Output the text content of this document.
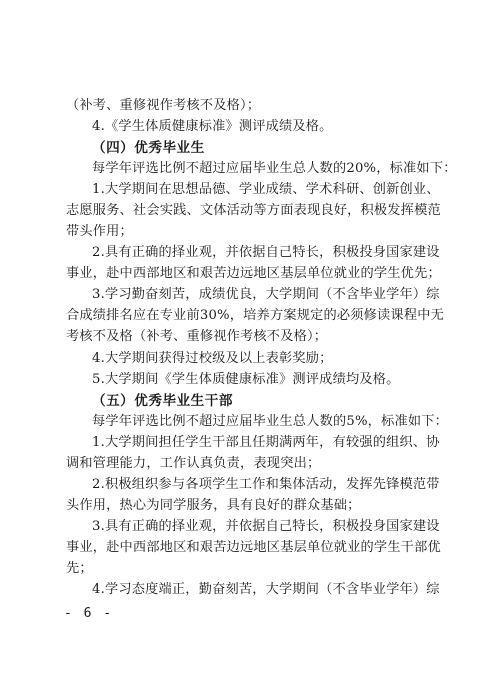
（补考、重修视作考核不及格）；
4.《学生体质健康标准》测评成绩及格。
（四）优秀毕业生
每学年评选比例不超过应届毕业生总人数的20%，标准如下：
1.大学期间在思想品德、学业成绩、学术科研、创新创业、
志愿服务、社会实践、文体活动等方面表现良好，积极发挥模范
带头作用；
2.具有正确的择业观，并依据自己特长，积极投身国家建设
事业，赴中西部地区和艰苦边远地区基层单位就业的学生优先；
3.学习勤奋刻苦，成绩优良，大学期间（不含毕业学年）综
合成绩排名应在专业前30%，培养方案规定的必须修读课程中无
考核不及格（补考、重修视作考核不及格）；
4.大学期间获得过校级及以上表彰奖励；
5.大学期间《学生体质健康标准》测评成绩均及格。
（五）优秀毕业生干部
每学年评选比例不超过应届毕业生总人数的5%，标准如下：
1.大学期间担任学生干部且任期满两年，有较强的组织、协
调和管理能力，工作认真负责，表现突出；
2.积极组织参与各项学生工作和集体活动，发挥先锋模范带
头作用，热心为同学服务，具有良好的群众基础；
3.具有正确的择业观，并依据自己特长，积极投身国家建设
事业，赴中西部地区和艰苦边远地区基层单位就业的学生干部优
先；
4.学习态度端正，勤奋刻苦，大学期间（不含毕业学年）综
- 6 -
